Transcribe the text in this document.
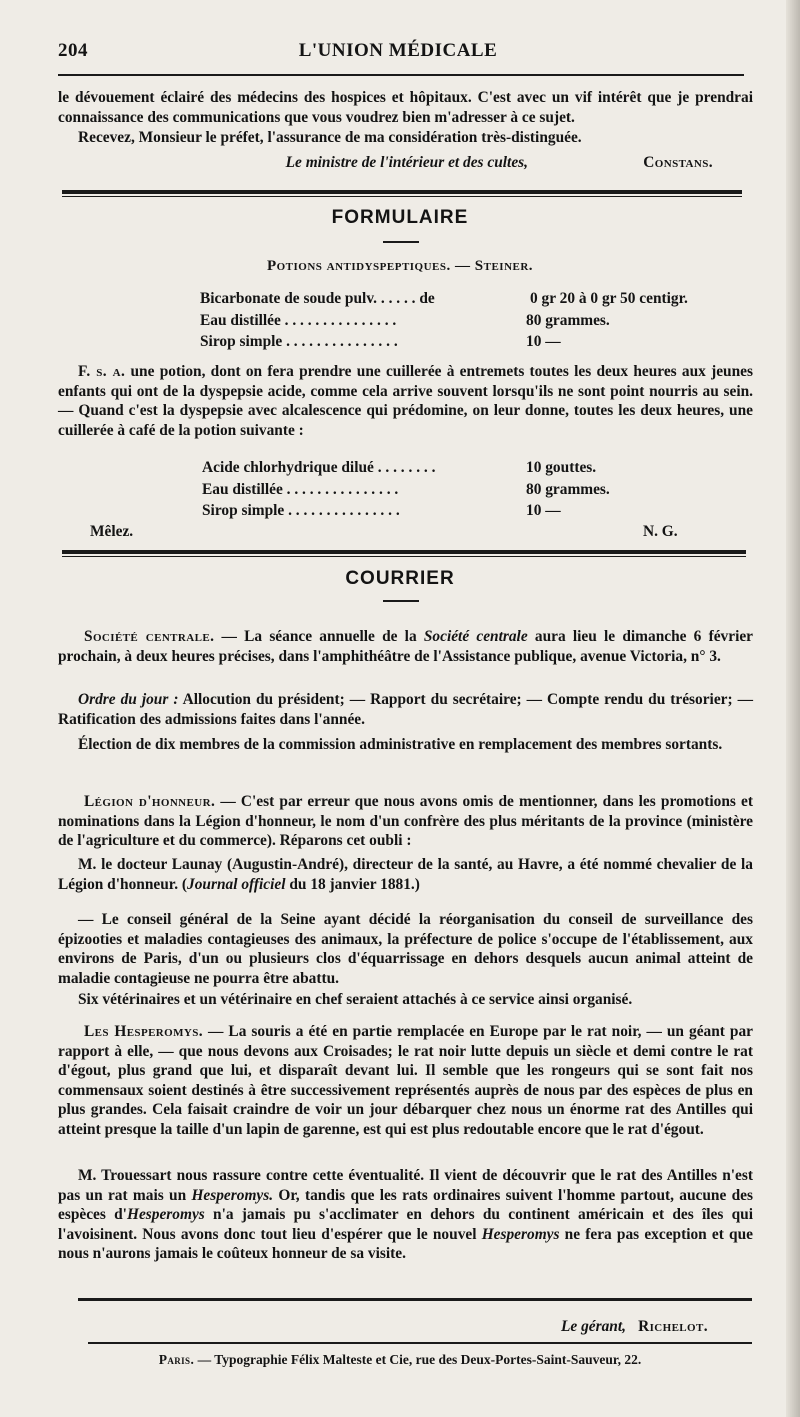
204	L'UNION MÉDICALE
le dévouement éclairé des médecins des hospices et hôpitaux. C'est avec un vif intérêt que je prendrai connaissance des communications que vous voudrez bien m'adresser à ce sujet.
Recevez, Monsieur le préfet, l'assurance de ma considération très-distinguée.
Le ministre de l'intérieur et des cultes,	Constans.
FORMULAIRE
Potions antidyspeptiques. — Steiner.
Bicarbonate de soude pulv. . . . . . de	0 gr 20 à 0 gr 50 centigr.
Eau distillée . . . . . . . . . . . . . . .	80 grammes.
Sirop simple . . . . . . . . . . . . . . .	10 —
F. s. a. une potion, dont on fera prendre une cuillerée à entremets toutes les deux heures aux jeunes enfants qui ont de la dyspepsie acide, comme cela arrive souvent lorsqu'ils ne sont point nourris au sein. — Quand c'est la dyspepsie avec alcalescence qui prédomine, on leur donne, toutes les deux heures, une cuillerée à café de la potion suivante :
Acide chlorhydrique dilué . . . . . . . .	10 gouttes.
Eau distillée . . . . . . . . . . . . . . .	80 grammes.
Sirop simple . . . . . . . . . . . . . . .	10 —
Mêlez.	N. G.
COURRIER
Société centrale. — La séance annuelle de la Société centrale aura lieu le dimanche 6 février prochain, à deux heures précises, dans l'amphithéâtre de l'Assistance publique, avenue Victoria, n° 3.
Ordre du jour : Allocution du président; — Rapport du secrétaire; — Compte rendu du trésorier; — Ratification des admissions faites dans l'année.
Élection de dix membres de la commission administrative en remplacement des membres sortants.
Légion d'honneur. — C'est par erreur que nous avons omis de mentionner, dans les promotions et nominations dans la Légion d'honneur, le nom d'un confrère des plus méritants de la province (ministère de l'agriculture et du commerce). Réparons cet oubli :
M. le docteur Launay (Augustin-André), directeur de la santé, au Havre, a été nommé chevalier de la Légion d'honneur. (Journal officiel du 18 janvier 1881.)
— Le conseil général de la Seine ayant décidé la réorganisation du conseil de surveillance des épizooties et maladies contagieuses des animaux, la préfecture de police s'occupe de l'établissement, aux environs de Paris, d'un ou plusieurs clos d'équarrissage en dehors desquels aucun animal atteint de maladie contagieuse ne pourra être abattu.
Six vétérinaires et un vétérinaire en chef seraient attachés à ce service ainsi organisé.
Les Hesperomys. — La souris a été en partie remplacée en Europe par le rat noir, — un géant par rapport à elle, — que nous devons aux Croisades; le rat noir lutte depuis un siècle et demi contre le rat d'égout, plus grand que lui, et disparaît devant lui. Il semble que les rongeurs qui se sont fait nos commensaux soient destinés à être successivement représentés auprès de nous par des espèces de plus en plus grandes. Cela faisait craindre de voir un jour débarquer chez nous un énorme rat des Antilles qui atteint presque la taille d'un lapin de garenne, est qui est plus redoutable encore que le rat d'égout.
M. Trouessart nous rassure contre cette éventualité. Il vient de découvrir que le rat des Antilles n'est pas un rat mais un Hesperomys. Or, tandis que les rats ordinaires suivent l'homme partout, aucune des espèces d'Hesperomys n'a jamais pu s'acclimater en dehors du continent américain et des îles qui l'avoisinent. Nous avons donc tout lieu d'espérer que le nouvel Hesperomys ne fera pas exception et que nous n'aurons jamais le coûteux honneur de sa visite.
Le gérant, Richelot.
Paris. — Typographie Félix Malteste et Cie, rue des Deux-Portes-Saint-Sauveur, 22.
